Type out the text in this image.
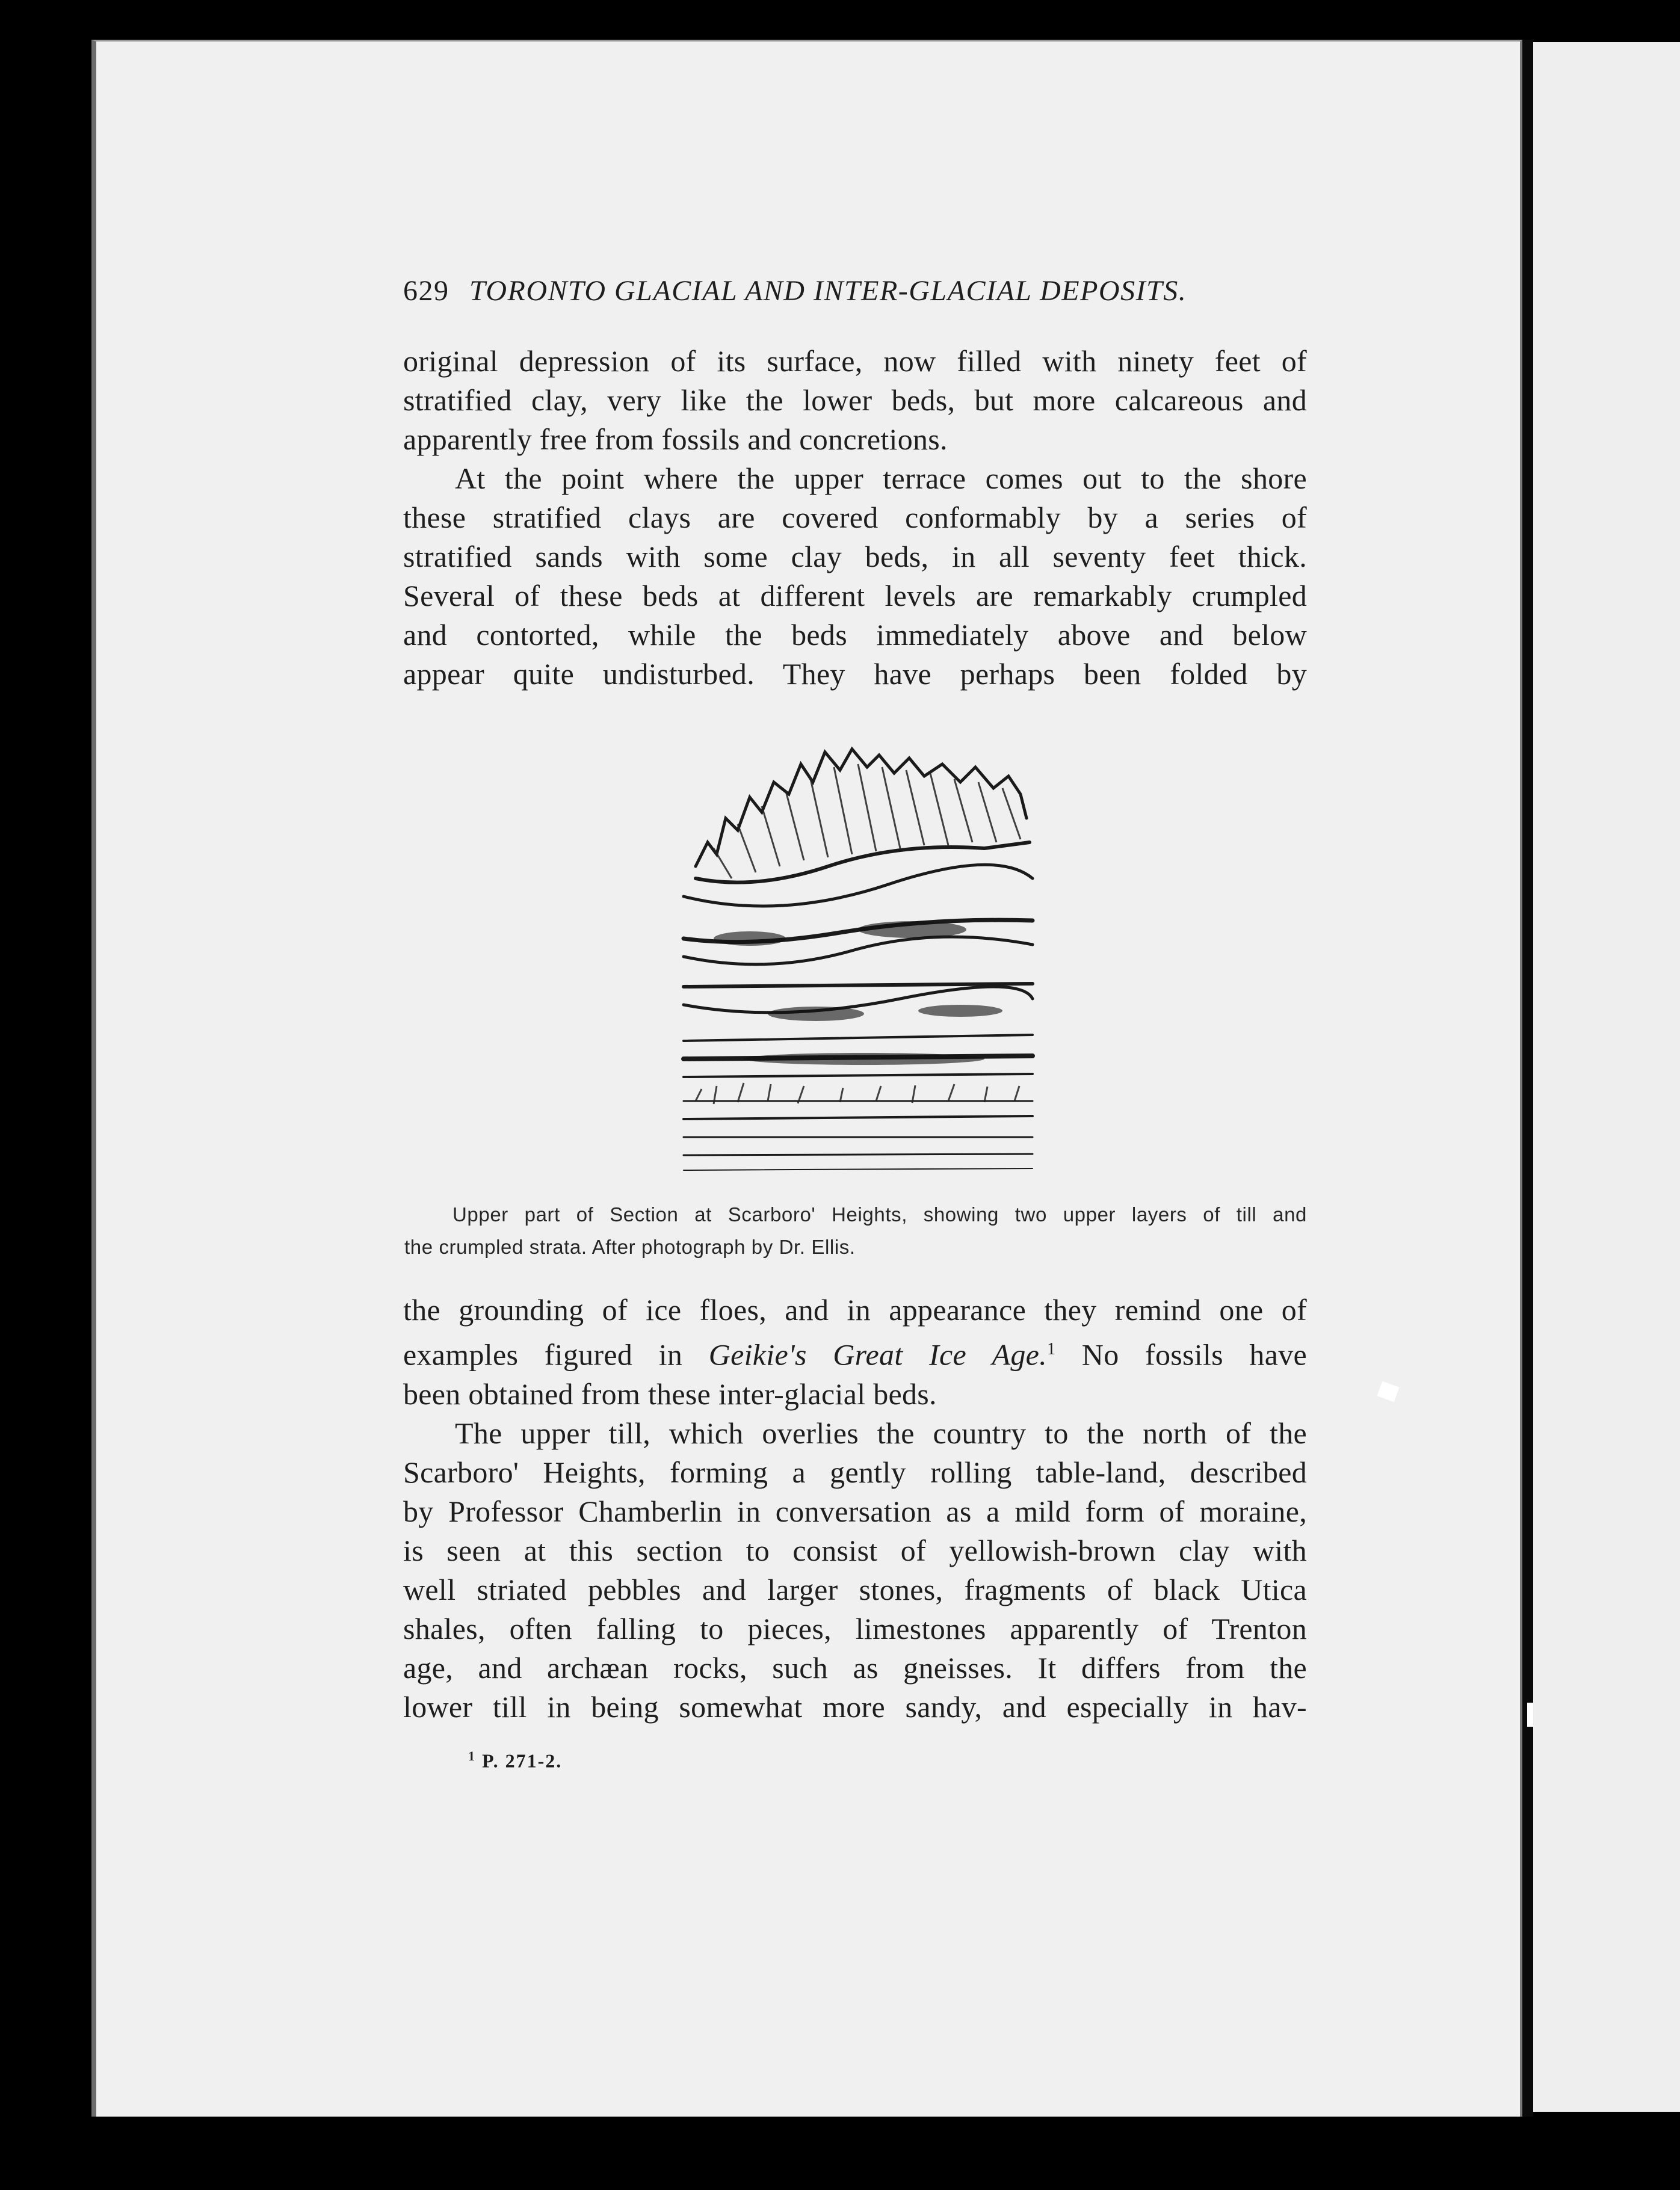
629 TORONTO GLACIAL AND INTER-GLACIAL DEPOSITS.

original depression of its surface, now filled with ninety feet of

stratified clay, very like the lower beds, but more calcareous and

apparently free from fossils and concretions.

At the point where the upper terrace comes out to the shore

these stratified clays are covered conformably by a series of

stratified sands with some clay beds, in all seventy feet thick.

Several of these beds at different levels are remarkably crumpled

and contorted, while the beds immediately above and below

appear quite undisturbed. They have perhaps been folded by

Upper part of Section at Scarboro' Heights, showing two upper layers of till and
the crumpled strata. After photograph by Dr. Ellis.

the grounding of ice floes, and in appearance they remind one of

examples figured in Geikie's Great Ice Age.$^1$ No fossils have

been obtained from these inter-glacial beds.

The upper till, which overlies the country to the north of the

Scarboro' Heights, forming a gently rolling table-land, described

by Professor Chamberlin in conversation as a mild form of moraine,

is seen at this section to consist of yellowish-brown clay with

well striated pebbles and larger stones, fragments of black Utica

shales, often falling to pieces, limestones apparently of Trenton

age, and archæan rocks, such as gneisses. It differs from the

lower till in being somewhat more sandy, and especially in hav-

$^1$ P. 271-2.
